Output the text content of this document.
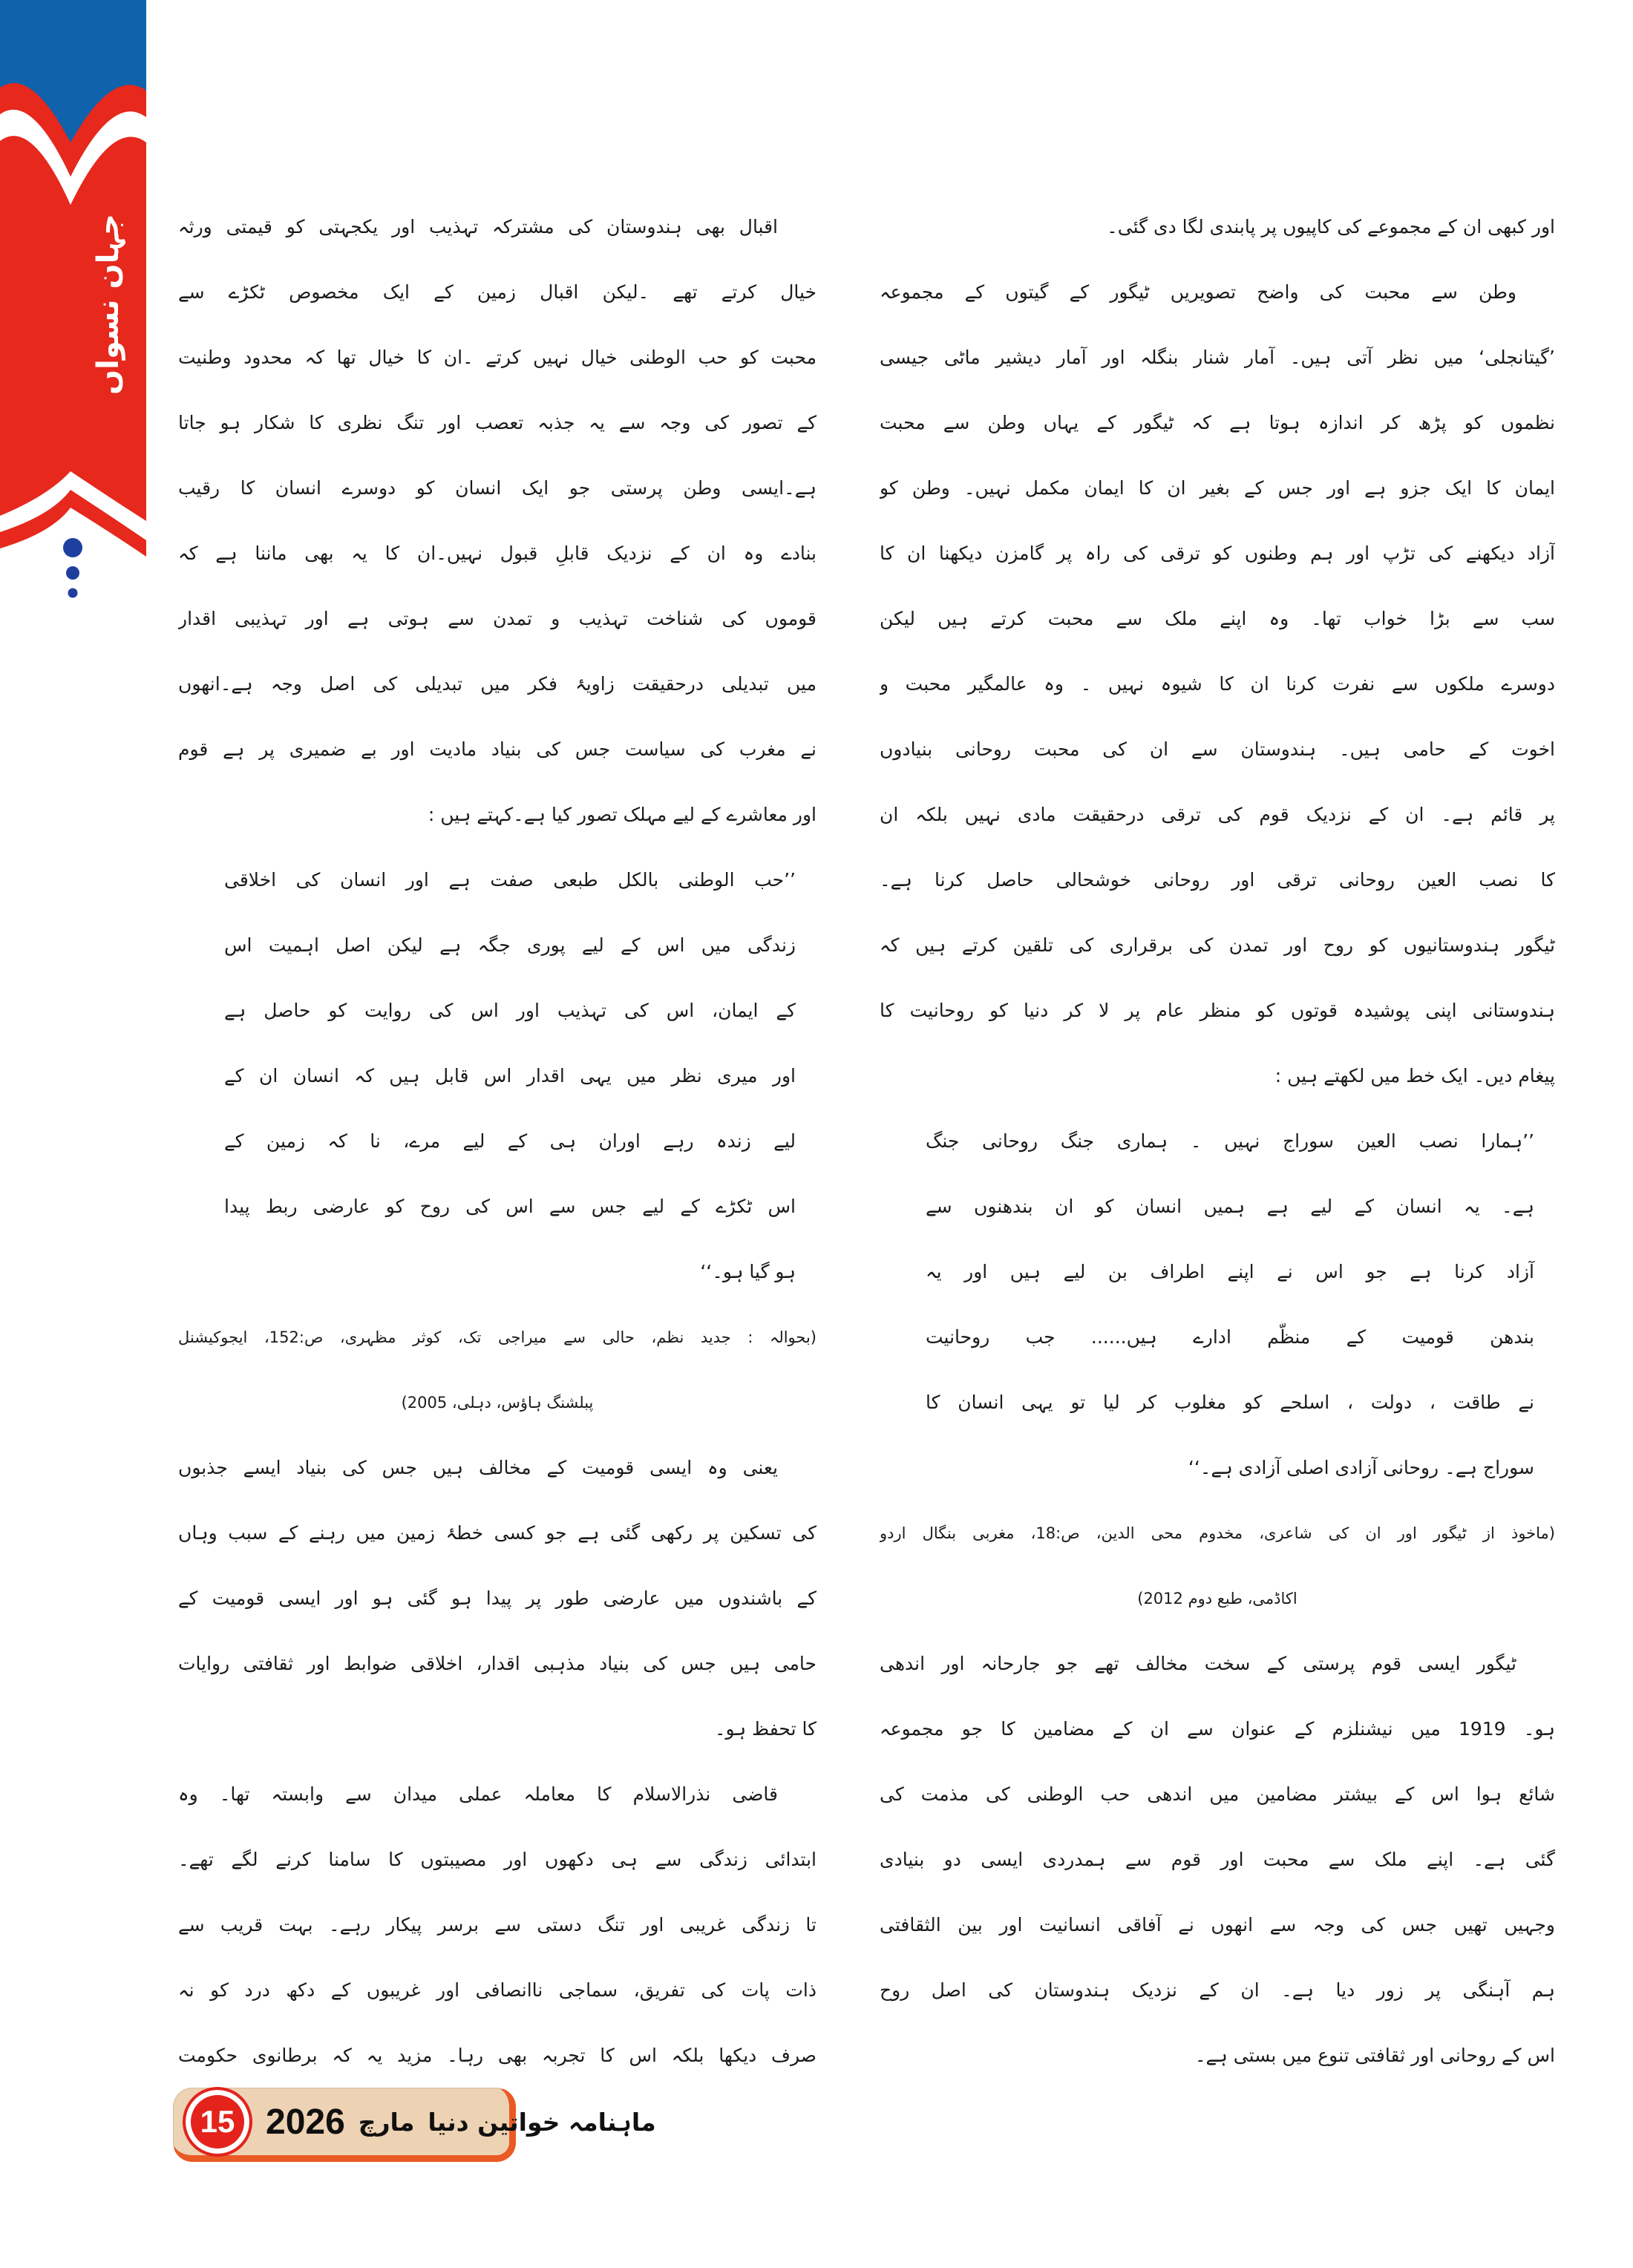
جہان نسواں	اور کبھی ان کے مجموعے کی کاپیوں پر پابندی لگا دی گئی۔
وطن سے محبت کی واضح تصویریں ٹیگور کے گیتوں کے مجموعہ
’گیتانجلی‘ میں نظر آتی ہیں۔ آمار شنار بنگلہ اور آمار دیشیر ماٹی جیسی
نظموں کو پڑھ کر اندازہ ہوتا ہے کہ ٹیگور کے یہاں وطن سے محبت
ایمان کا ایک جزو ہے اور جس کے بغیر ان کا ایمان مکمل نہیں۔ وطن کو
آزاد دیکھنے کی تڑپ اور ہم وطنوں کو ترقی کی راہ پر گامزن دیکھنا ان کا
سب سے بڑا خواب تھا۔ وہ اپنے ملک سے محبت کرتے ہیں لیکن
دوسرے ملکوں سے نفرت کرنا ان کا شیوہ نہیں ۔ وہ عالمگیر محبت و
اخوت کے حامی ہیں۔ ہندوستان سے ان کی محبت روحانی بنیادوں
پر قائم ہے۔ ان کے نزدیک قوم کی ترقی درحقیقت مادی نہیں بلکہ ان
کا نصب العین روحانی ترقی اور روحانی خوشحالی حاصل کرنا ہے۔
ٹیگور ہندوستانیوں کو روح اور تمدن کی برقراری کی تلقین کرتے ہیں کہ
ہندوستانی اپنی پوشیدہ قوتوں کو منظر عام پر لا کر دنیا کو روحانیت کا
پیغام دیں۔ ایک خط میں لکھتے ہیں :
’’ہمارا نصب العین سوراج نہیں ۔ ہماری جنگ روحانی جنگ
ہے۔ یہ انسان کے لیے ہے ہمیں انسان کو ان بندھنوں سے
آزاد کرنا ہے جو اس نے اپنے اطراف بن لیے ہیں اور یہ
بندھن قومیت کے منظّم ادارے ہیں...... جب روحانیت
نے طاقت ، دولت ، اسلحے کو مغلوب کر لیا تو یہی انسان کا
سوراج ہے۔ روحانی آزادی اصلی آزادی ہے۔‘‘
(ماخوذ از ٹیگور اور ان کی شاعری، مخدوم محی الدین، ص:18، مغربی بنگال اردو
اکاڈمی، طبع دوم 2012)
ٹیگور ایسی قوم پرستی کے سخت مخالف تھے جو جارحانہ اور اندھی
ہو۔ 1919 میں نیشنلزم کے عنوان سے ان کے مضامین کا جو مجموعہ
شائع ہوا اس کے بیشتر مضامین میں اندھی حب الوطنی کی مذمت کی
گئی ہے۔ اپنے ملک سے محبت اور قوم سے ہمدردی ایسی دو بنیادی
وجہیں تھیں جس کی وجہ سے انھوں نے آفاقی انسانیت اور بین الثقافتی
ہم آہنگی پر زور دیا ہے۔ ان کے نزدیک ہندوستان کی اصل روح
اس کے روحانی اور ثقافتی تنوع میں بستی ہے۔
اقبال بھی ہندوستان کی مشترکہ تہذیب اور یکجہتی کو قیمتی ورثہ
خیال کرتے تھے ۔لیکن اقبال زمین کے ایک مخصوص ٹکڑے سے
محبت کو حب الوطنی خیال نہیں کرتے ۔ان کا خیال تھا کہ محدود وطنیت
کے تصور کی وجہ سے یہ جذبہ تعصب اور تنگ نظری کا شکار ہو جاتا
ہے۔ایسی وطن پرستی جو ایک انسان کو دوسرے انسان کا رقیب
بنادے وہ ان کے نزدیک قابلِ قبول نہیں۔ان کا یہ بھی ماننا ہے کہ
قوموں کی شناخت تہذیب و تمدن سے ہوتی ہے اور تہذیبی اقدار
میں تبدیلی درحقیقت زاویۂ فکر میں تبدیلی کی اصل وجہ ہے۔انھوں
نے مغرب کی سیاست جس کی بنیاد مادیت اور بے ضمیری پر ہے قوم
اور معاشرے کے لیے مہلک تصور کیا ہے۔کہتے ہیں :
’’حب الوطنی بالکل طبعی صفت ہے اور انسان کی اخلاقی
زندگی میں اس کے لیے پوری جگہ ہے لیکن اصل اہمیت اس
کے ایمان، اس کی تہذیب اور اس کی روایت کو حاصل ہے
اور میری نظر میں یہی اقدار اس قابل ہیں کہ انسان ان کے
لیے زندہ رہے اوران ہی کے لیے مرے، نا کہ زمین کے
اس ٹکڑے کے لیے جس سے اس کی روح کو عارضی ربط پیدا
ہو گیا ہو۔‘‘
(بحوالہ : جدید نظم، حالی سے میراجی تک، کوثر مظہری، ص:152، ایجوکیشنل
پبلشنگ ہاؤس، دہلی، 2005)
یعنی وہ ایسی قومیت کے مخالف ہیں جس کی بنیاد ایسے جذبوں
کی تسکین پر رکھی گئی ہے جو کسی خطۂ زمین میں رہنے کے سبب وہاں
کے باشندوں میں عارضی طور پر پیدا ہو گئی ہو اور ایسی قومیت کے
حامی ہیں جس کی بنیاد مذہبی اقدار، اخلاقی ضوابط اور ثقافتی روایات
کا تحفظ ہو۔
قاضی نذرالاسلام کا معاملہ عملی میدان سے وابستہ تھا۔ وہ
ابتدائی زندگی سے ہی دکھوں اور مصیبتوں کا سامنا کرنے لگے تھے۔
تا زندگی غریبی اور تنگ دستی سے برسر پیکار رہے۔ بہت قریب سے
ذات پات کی تفریق، سماجی ناانصافی اور غریبوں کے دکھ درد کو نہ
صرف دیکھا بلکہ اس کا تجربہ بھی رہا۔ مزید یہ کہ برطانوی حکومت
15 2026 مارچ ماہنامہ خواتین دنیا
